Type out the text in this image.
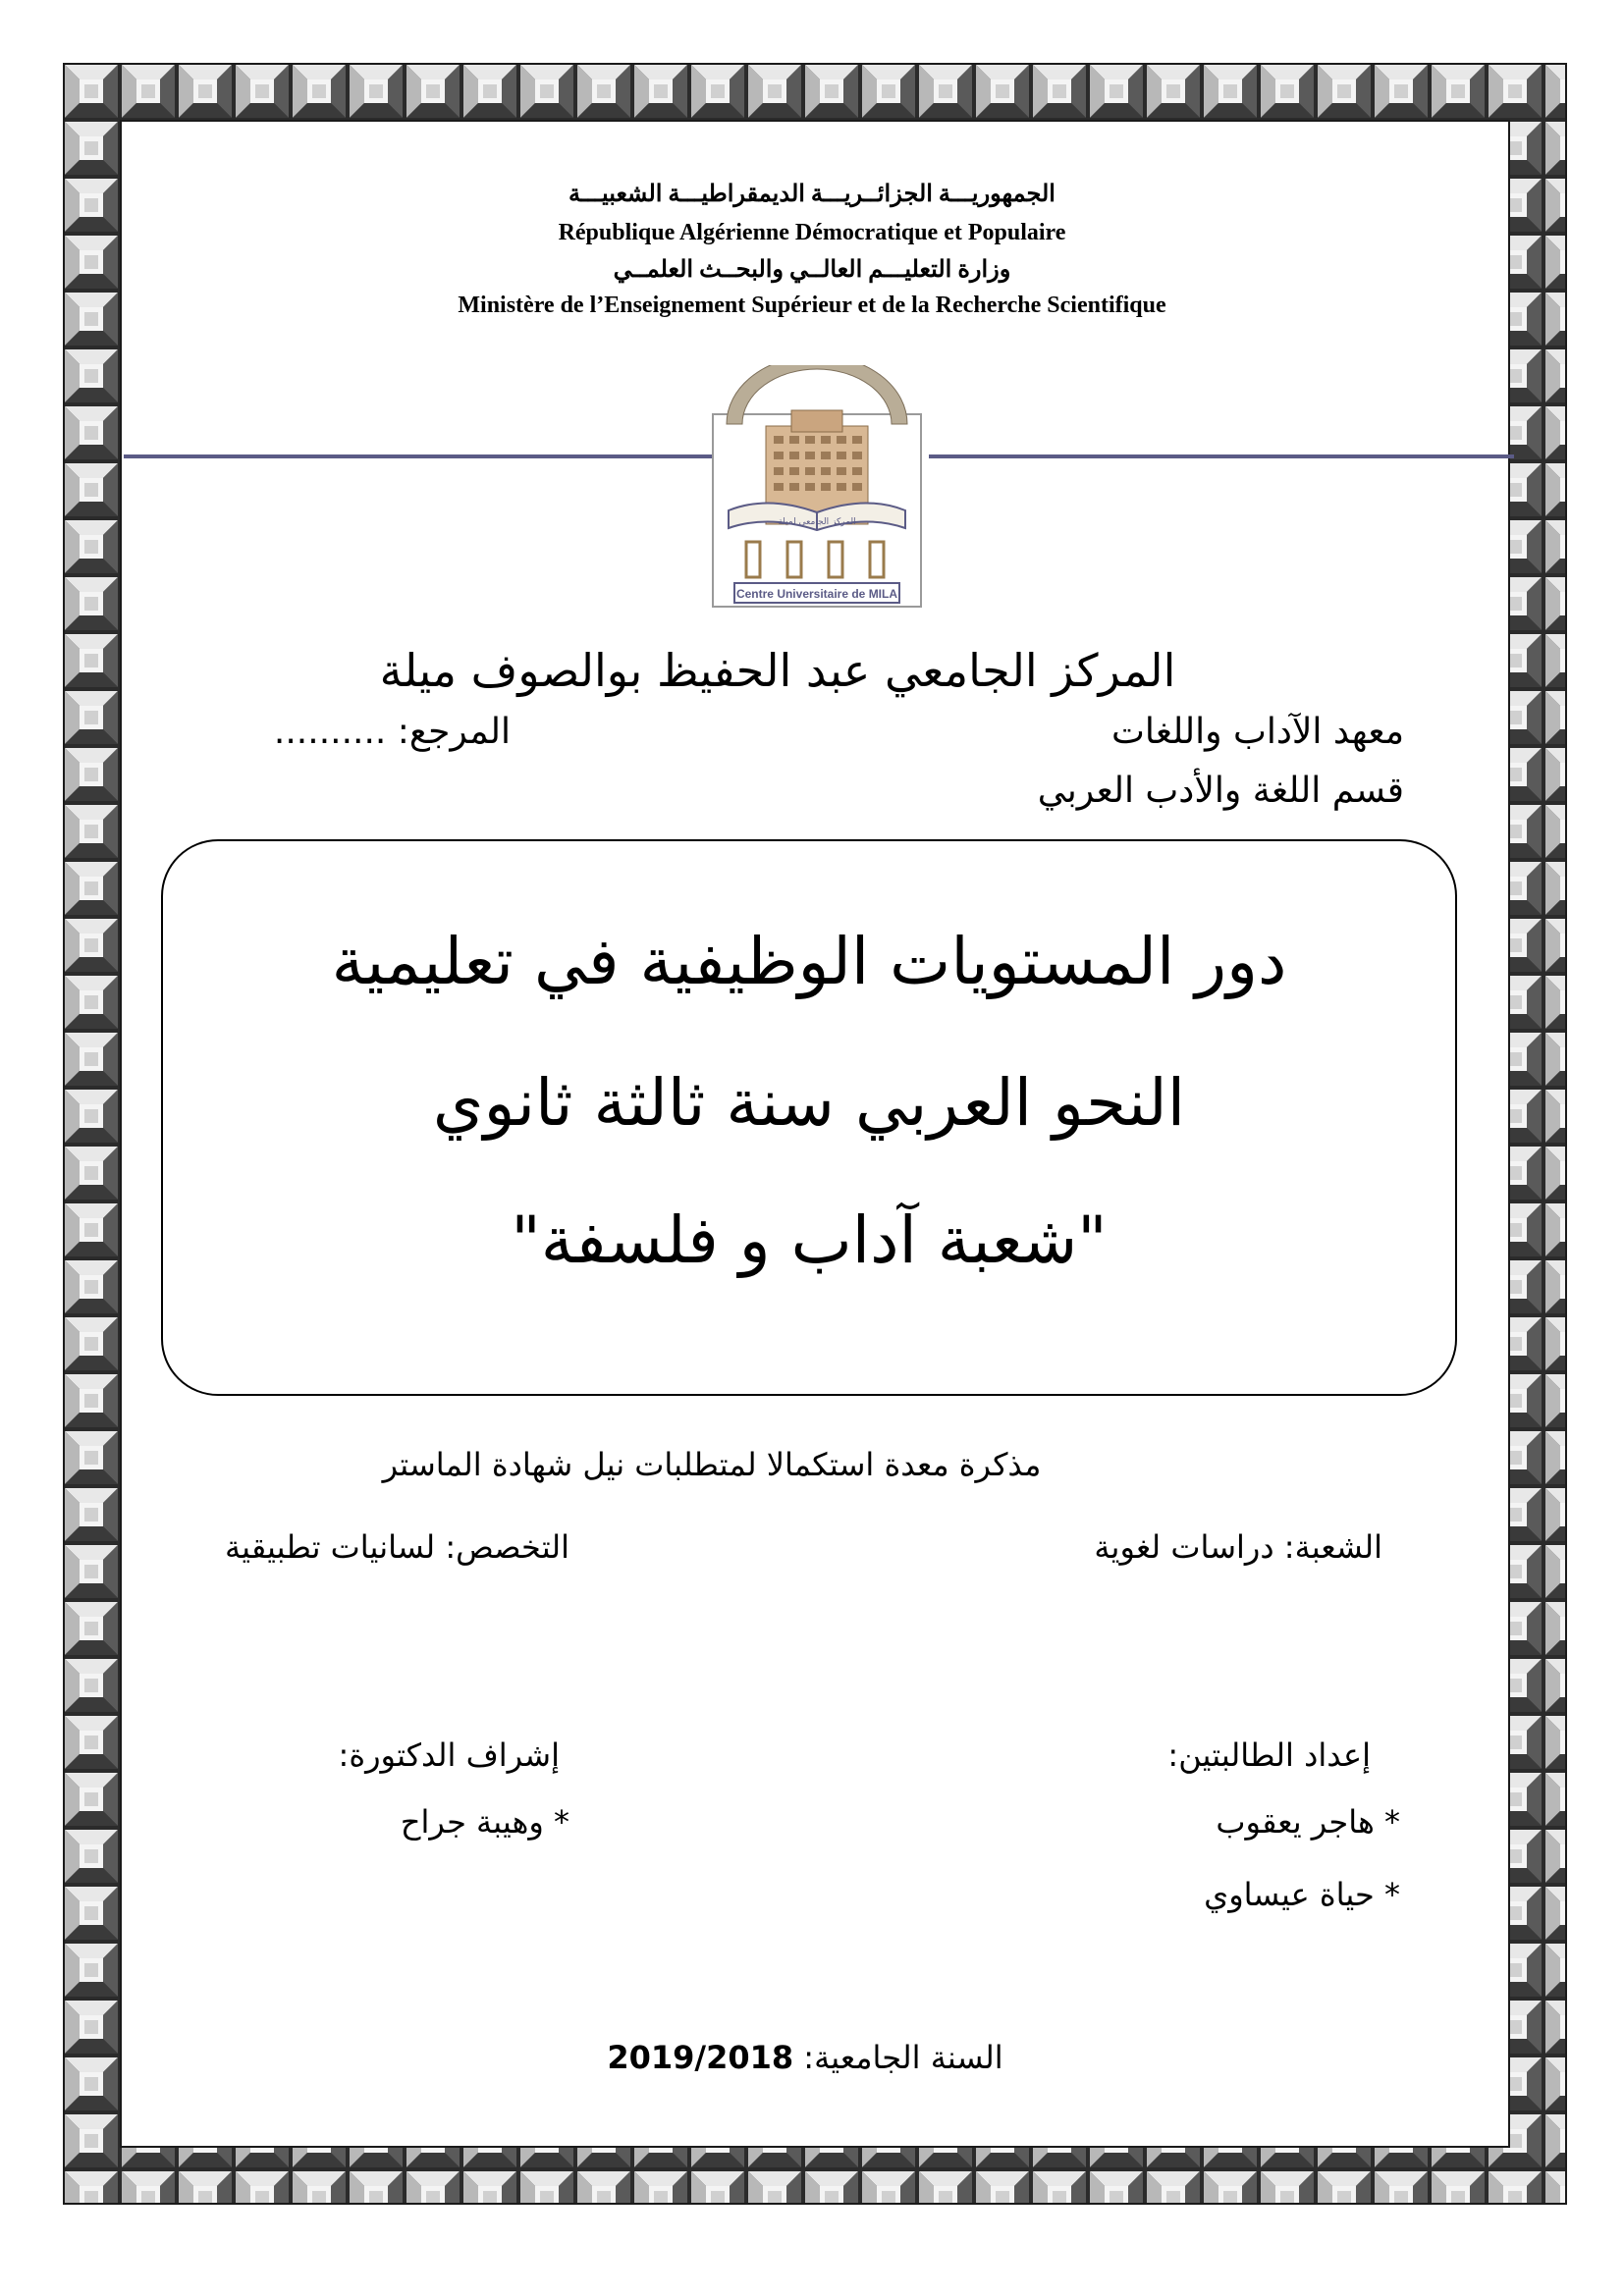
الجمهوريـــة الجزائــريـــة الديمقراطيـــة الشعبيـــة
République Algérienne Démocratique et Populaire
وزارة التعليـــم العالــي والبحــث العلمــي
Ministère de l’Enseignement Supérieur et de la Recherche Scientifique
المركز الجامعي لميلة
Centre Universitaire de MILA
المركز الجامعي عبد الحفيظ بوالصوف ميلة
معهد الآداب واللغات
المرجع: ..........
قسم اللغة والأدب العربي
دور المستويات الوظيفية في تعليمية
النحو العربي سنة ثالثة ثانوي
"شعبة آداب و فلسفة"
مذكرة معدة استكمالا لمتطلبات نيل شهادة الماستر
الشعبة: دراسات لغوية
التخصص: لسانيات تطبيقية
إعداد الطالبتين:
إشراف الدكتورة:
* هاجر يعقوب
* وهيبة جراح
* حياة عيساوي
السنة الجامعية: 2019/2018
